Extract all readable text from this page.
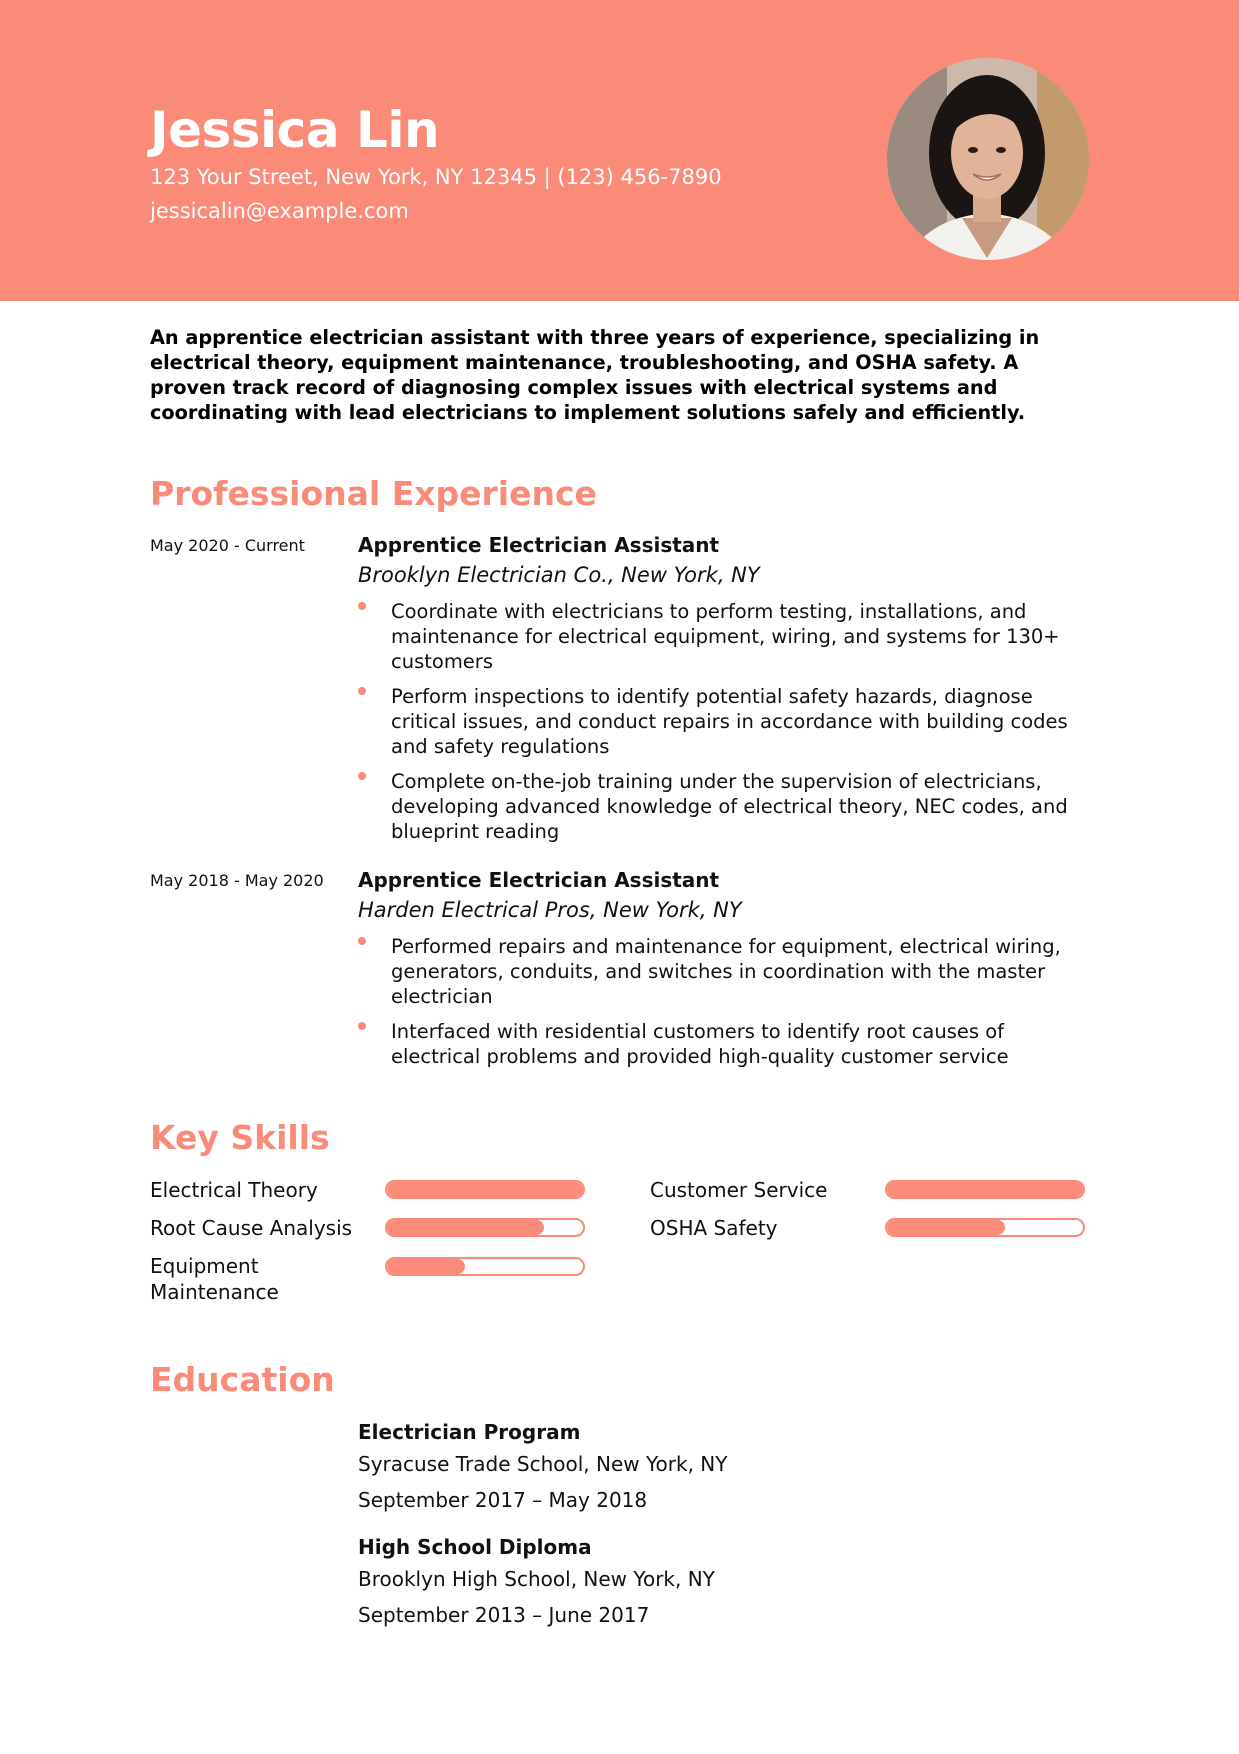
Jessica Lin
123 Your Street, New York, NY 12345 | (123) 456-7890
jessicalin@example.com
An apprentice electrician assistant with three years of experience, specializing in electrical theory, equipment maintenance, troubleshooting, and OSHA safety. A proven track record of diagnosing complex issues with electrical systems and coordinating with lead electricians to implement solutions safely and efficiently.
Professional Experience
May 2020 - Current	Apprentice Electrician Assistant
Brooklyn Electrician Co., New York, NY
Coordinate with electricians to perform testing, installations, and maintenance for electrical equipment, wiring, and systems for 130+ customers
Perform inspections to identify potential safety hazards, diagnose critical issues, and conduct repairs in accordance with building codes and safety regulations
Complete on-the-job training under the supervision of electricians, developing advanced knowledge of electrical theory, NEC codes, and blueprint reading
May 2018 - May 2020 Apprentice Electrician Assistant
Harden Electrical Pros, New York, NY
Performed repairs and maintenance for equipment, electrical wiring, generators, conduits, and switches in coordination with the master electrician
Interfaced with residential customers to identify root causes of electrical problems and provided high-quality customer service
Key Skills
Electrical Theory
Root Cause Analysis
Equipment Maintenance
Customer Service
OSHA Safety
Education
Electrician Program
Syracuse Trade School, New York, NY
September 2017 – May 2018
High School Diploma
Brooklyn High School, New York, NY
September 2013 – June 2017
